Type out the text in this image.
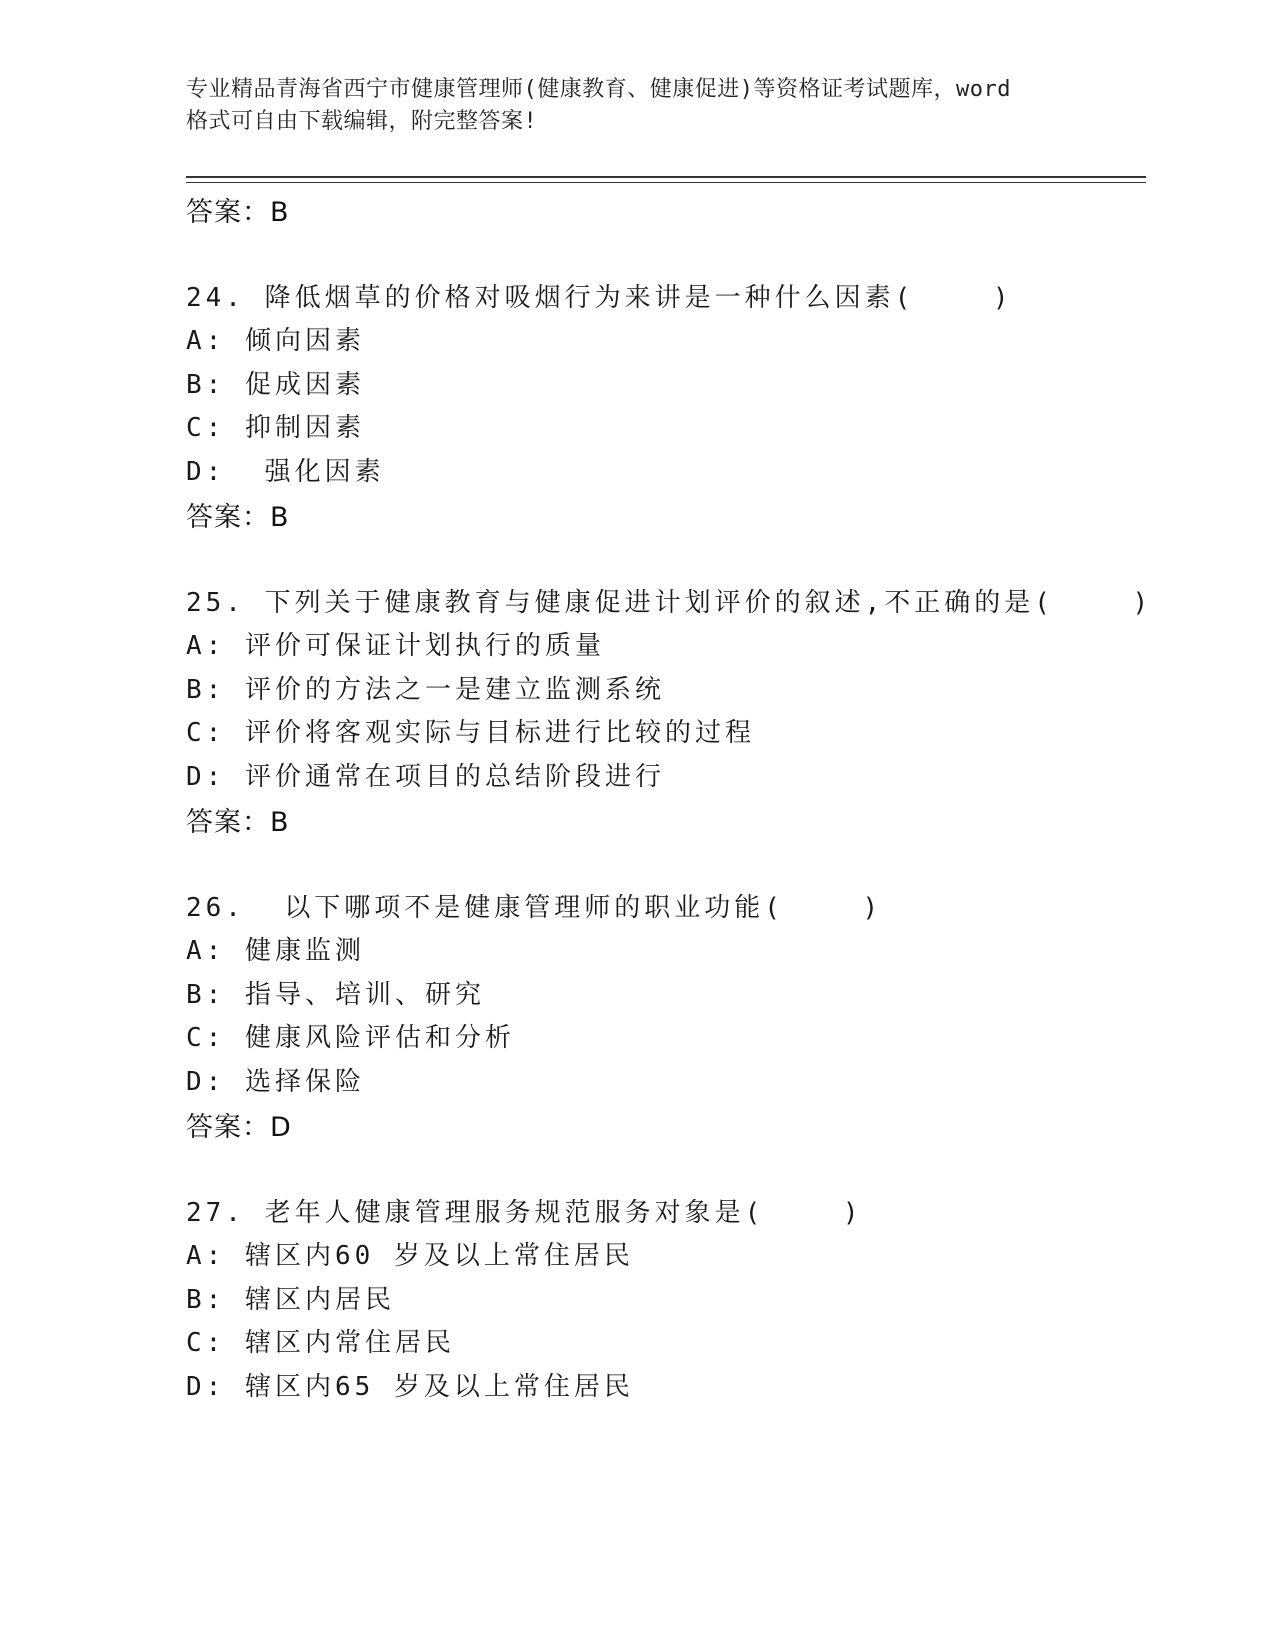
专业精品青海省西宁市健康管理师(健康教育、健康促进)等资格证考试题库，word
格式可自由下载编辑，附完整答案!
答案：B
24. 降低烟草的价格对吸烟行为来讲是一种什么因素(    )
A: 倾向因素
B: 促成因素
C: 抑制因素
D:  强化因素
答案：B
25. 下列关于健康教育与健康促进计划评价的叙述,不正确的是(    )
A: 评价可保证计划执行的质量
B: 评价的方法之一是建立监测系统
C: 评价将客观实际与目标进行比较的过程
D: 评价通常在项目的总结阶段进行
答案：B
26.  以下哪项不是健康管理师的职业功能(    )
A: 健康监测
B: 指导、培训、研究
C: 健康风险评估和分析
D: 选择保险
答案：D
27. 老年人健康管理服务规范服务对象是(    )
A: 辖区内60 岁及以上常住居民
B: 辖区内居民
C: 辖区内常住居民
D: 辖区内65 岁及以上常住居民
